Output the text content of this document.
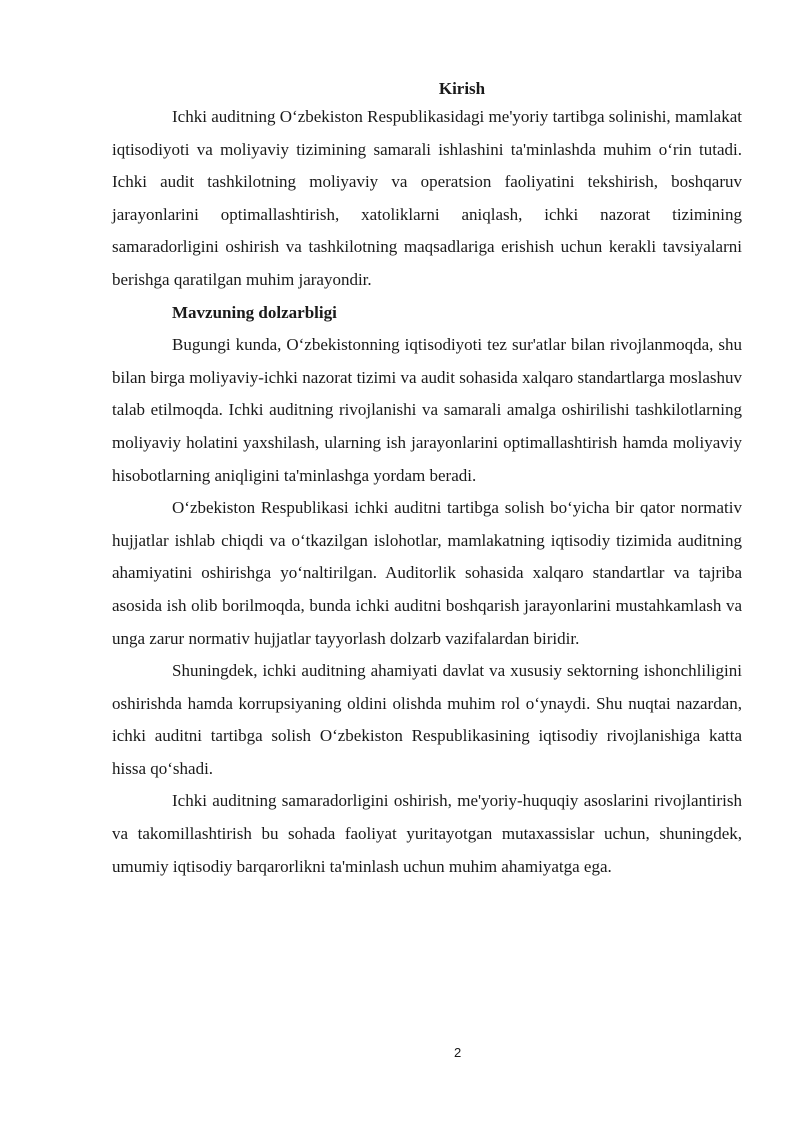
Kirish

Ichki auditning O‘zbekiston Respublikasidagi me'yoriy tartibga solinishi, mamlakat iqtisodiyoti va moliyaviy tizimining samarali ishlashini ta'minlashda muhim o‘rin tutadi. Ichki audit tashkilotning moliyaviy va operatsion faoliyatini tekshirish, boshqaruv jarayonlarini optimallashtirish, xatoliklarni aniqlash, ichki nazorat tizimining samaradorligini oshirish va tashkilotning maqsadlariga erishish uchun kerakli tavsiyalarni berishga qaratilgan muhim jarayondir.

Mavzuning dolzarbligi

Bugungi kunda, O‘zbekistonning iqtisodiyoti tez sur'atlar bilan rivojlanmoqda, shu bilan birga moliyaviy-ichki nazorat tizimi va audit sohasida xalqaro standartlarga moslashuv talab etilmoqda. Ichki auditning rivojlanishi va samarali amalga oshirilishi tashkilotlarning moliyaviy holatini yaxshilash, ularning ish jarayonlarini optimallashtirish hamda moliyaviy hisobotlarning aniqligini ta'minlashga yordam beradi.

O‘zbekiston Respublikasi ichki auditni tartibga solish bo‘yicha bir qator normativ hujjatlar ishlab chiqdi va o‘tkazilgan islohotlar, mamlakatning iqtisodiy tizimida auditning ahamiyatini oshirishga yo‘naltirilgan. Auditorlik sohasida xalqaro standartlar va tajriba asosida ish olib borilmoqda, bunda ichki auditni boshqarish jarayonlarini mustahkamlash va unga zarur normativ hujjatlar tayyorlash dolzarb vazifalardan biridir.

Shuningdek, ichki auditning ahamiyati davlat va xususiy sektorning ishonchliligini oshirishda hamda korrupsiyaning oldini olishda muhim rol o‘ynaydi. Shu nuqtai nazardan, ichki auditni tartibga solish O‘zbekiston Respublikasining iqtisodiy rivojlanishiga katta hissa qo‘shadi.

Ichki auditning samaradorligini oshirish, me'yoriy-huquqiy asoslarini rivojlantirish va takomillashtirish bu sohada faoliyat yuritayotgan mutaxassislar uchun, shuningdek, umumiy iqtisodiy barqarorlikni ta'minlash uchun muhim ahamiyatga ega.

2
